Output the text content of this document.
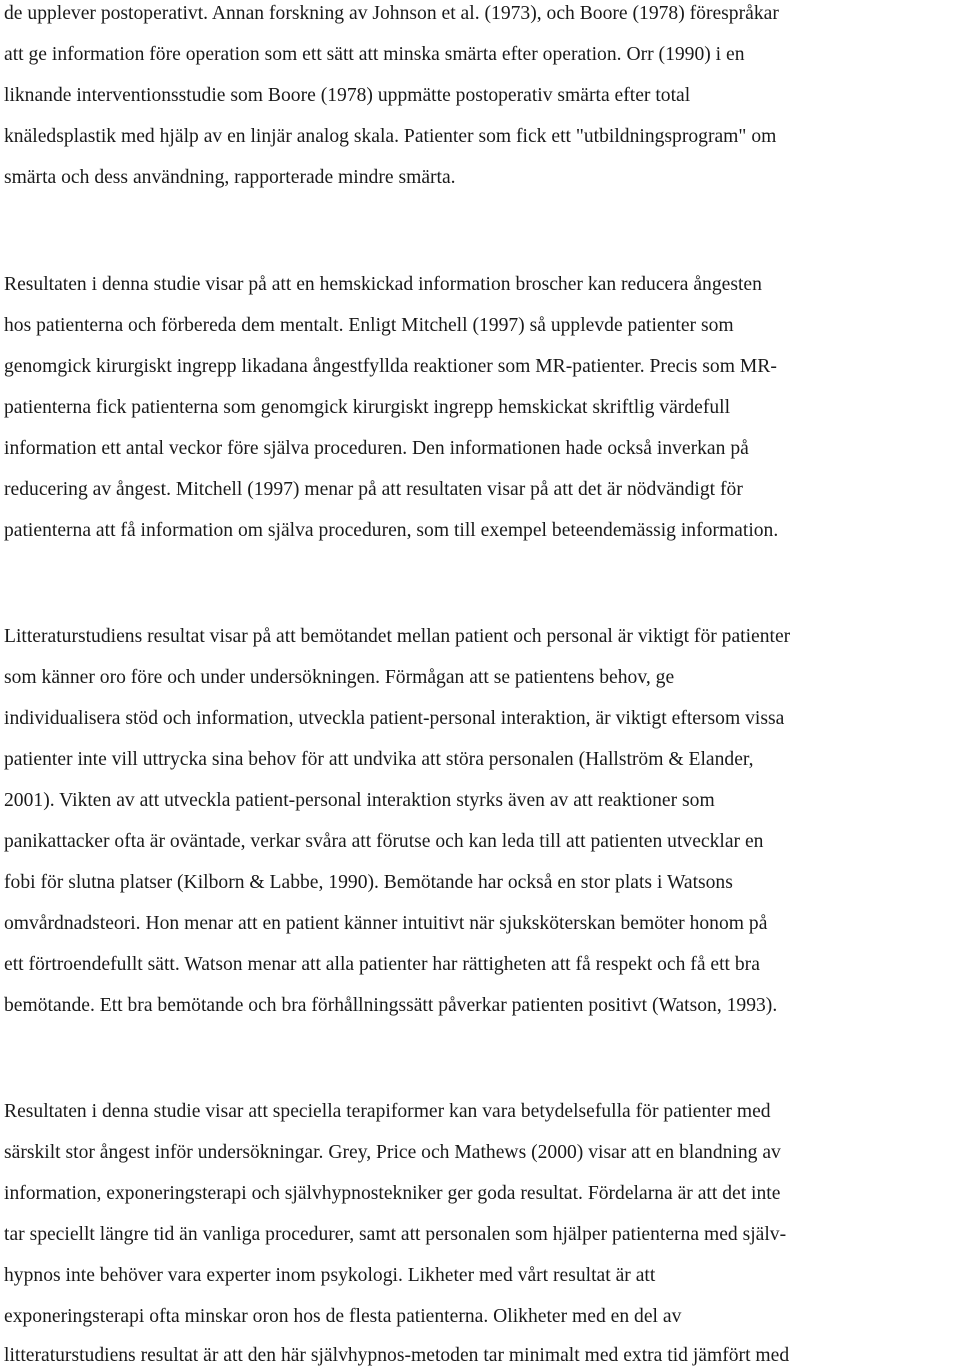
de upplever postoperativt. Annan forskning av Johnson et al. (1973), och Boore (1978) förespråkar
att ge information före operation som ett sätt att minska smärta efter operation. Orr (1990) i en
liknande interventionsstudie som Boore (1978) uppmätte postoperativ smärta efter total
knäledsplastik med hjälp av en linjär analog skala. Patienter som fick ett "utbildningsprogram" om
smärta och dess användning, rapporterade mindre smärta.
Resultaten i denna studie visar på att en hemskickad information broscher kan reducera ångesten
hos patienterna och förbereda dem mentalt. Enligt Mitchell (1997) så upplevde patienter som
genomgick kirurgiskt ingrepp likadana ångestfyllda reaktioner som MR-patienter. Precis som MR-
patienterna fick patienterna som genomgick kirurgiskt ingrepp hemskickat skriftlig värdefull
information ett antal veckor före själva proceduren. Den informationen hade också inverkan på
reducering av ångest. Mitchell (1997) menar på att resultaten visar på att det är nödvändigt för
patienterna att få information om själva proceduren, som till exempel beteendemässig information.
Litteraturstudiens resultat visar på att bemötandet mellan patient och personal är viktigt för patienter
som känner oro före och under undersökningen. Förmågan att se patientens behov, ge
individualisera stöd och information, utveckla patient-personal interaktion, är viktigt eftersom vissa
patienter inte vill uttrycka sina behov för att undvika att störa personalen (Hallström & Elander,
2001). Vikten av att utveckla patient-personal interaktion styrks även av att reaktioner som
panikattacker ofta är oväntade, verkar svåra att förutse och kan leda till att patienten utvecklar en
fobi för slutna platser (Kilborn & Labbe, 1990). Bemötande har också en stor plats i Watsons
omvårdnadsteori. Hon menar att en patient känner intuitivt när sjuksköterskan bemöter honom på
ett förtroendefullt sätt. Watson menar att alla patienter har rättigheten att få respekt och få ett bra
bemötande. Ett bra bemötande och bra förhållningssätt påverkar patienten positivt (Watson, 1993).
Resultaten i denna studie visar att speciella terapiformer kan vara betydelsefulla för patienter med
särskilt stor ångest inför undersökningar. Grey, Price och Mathews (2000) visar att en blandning av
information, exponeringsterapi och självhypnostekniker ger goda resultat. Fördelarna är att det inte
tar speciellt längre tid än vanliga procedurer, samt att personalen som hjälper patienterna med själv-
hypnos inte behöver vara experter inom psykologi. Likheter med vårt resultat är att
exponeringsterapi ofta minskar oron hos de flesta patienterna. Olikheter med en del av
litteraturstudiens resultat är att den här självhypnos-metoden tar minimalt med extra tid jämfört med
